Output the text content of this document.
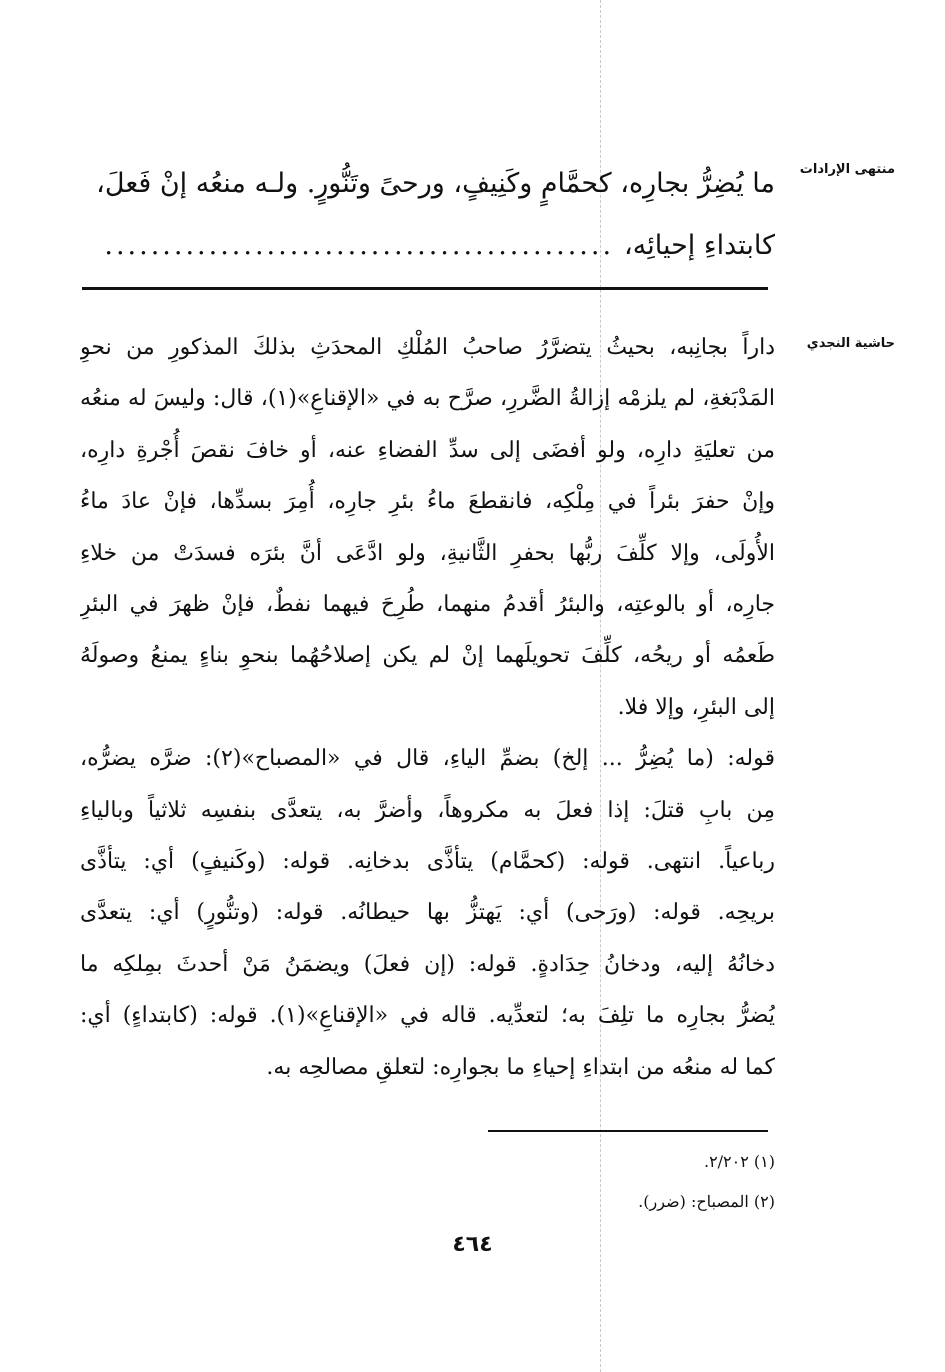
منتهى الإرادات
ما يُضِرُّ بجارِه، كحمَّامٍ وكَنِيفٍ، ورحىً وتَنُّورٍ. ولـه منعُه إنْ فَعلَ،
كابتداءِ إحيائِه،............................................
حاشية النجدي
داراً بجانِبه، بحيثُ يتضرَّرُ صاحبُ المُلْكِ المحدَثِ بذلكَ المذكورِ من نحوِ
المَدْبَغةِ، لم يلزمْه إزالةُ الضَّررِ، صرَّح به في «الإقناعِ»(١)، قال: وليسَ له منعُه
من تعليَةِ دارِه، ولو أفضَى إلى سدِّ الفضاءِ عنه، أو خافَ نقصَ أُجْرةِ دارِه،
وإنْ حفرَ بئراً في مِلْكِه، فانقطعَ ماءُ بئرِ جارِه، أُمِرَ بسدِّها، فإنْ عادَ ماءُ
الأُولَى، وإلا كلِّفَ ربُّها بحفرِ الثَّانيةِ، ولو ادَّعَى أنَّ بئرَه فسدَتْ من خلاءِ
جارِه، أو بالوعتِه، والبئرُ أقدمُ منهما، طُرِحَ فيهما نفطٌ، فإنْ ظهرَ في البئرِ
طَعمُه أو ريحُه، كلِّفَ تحويلَهما إنْ لم يكن إصلاحُهُما بنحوِ بناءٍ يمنعُ وصولَهُ
إلى البئرِ، وإلا فلا.
قوله: (ما يُضِرُّ ... إلخ) بضمِّ الياءِ، قال في «المصباح»(٢): ضرَّه يضرُّه،
مِن بابِ قتلَ: إذا فعلَ به مكروهاً، وأضرَّ به، يتعدَّى بنفسِه ثلاثياً وبالياءِ
رباعياً. انتهى. قوله: (كحمَّام) يتأذَّى بدخانِه. قوله: (وكَنيفٍ) أي: يتأذَّى
بريحِه. قوله: (ورَحى) أي: يَهتزُّ بها حيطانُه. قوله: (وتنُّورٍ) أي: يتعدَّى
دخانُهُ إليه، ودخانُ حِدَادةٍ. قوله: (إن فعلَ) ويضمَنُ مَنْ أحدثَ بمِلكِه ما
يُضرُّ بجارِه ما تلِفَ به؛ لتعدِّيه. قاله في «الإقناعِ»(١). قوله: (كابتداءٍ) أي:
كما له منعُه من ابتداءِ إحياءِ ما بجوارِه: لتعلقِ مصالحِه به.
(١) ٢/٢٠٢.
(٢) المصباح: (ضرر).
٤٦٤
